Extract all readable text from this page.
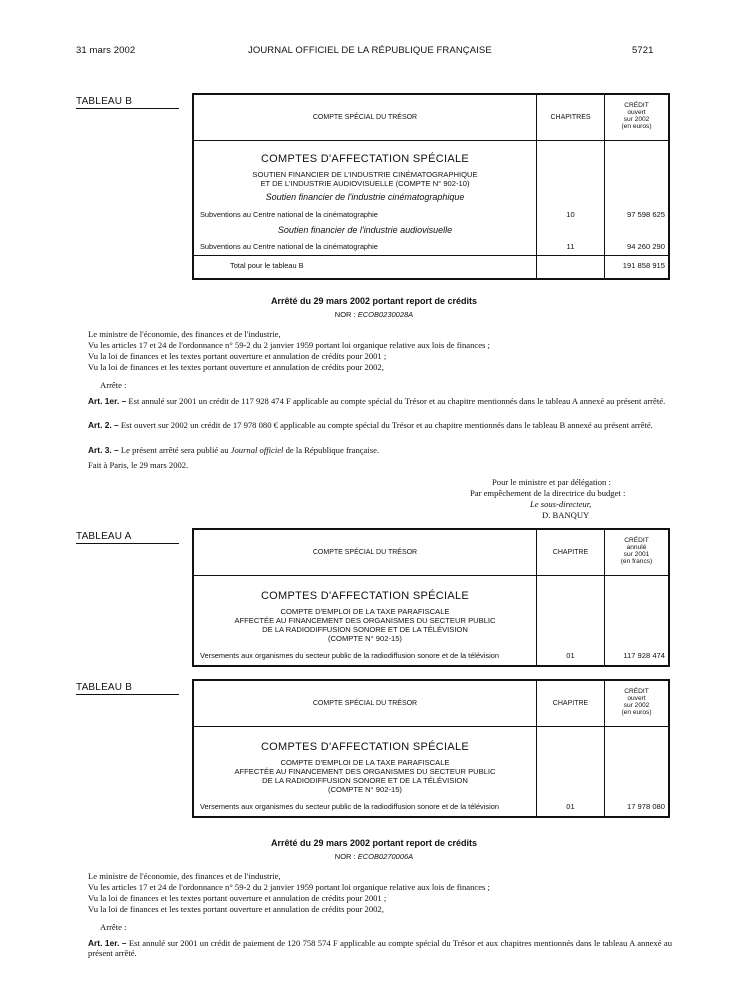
31 mars 2002	JOURNAL OFFICIEL DE LA RÉPUBLIQUE FRANÇAISE	5721
TABLEAU B
COMPTE SPÉCIAL DU TRÉSOR	CHAPITRES
CRÉDIT
ouvert
sur 2002
(en euros)
COMPTES D'AFFECTATION SPÉCIALE
SOUTIEN FINANCIER DE L'INDUSTRIE CINÉMATOGRAPHIQUE
ET DE L'INDUSTRIE AUDIOVISUELLE (COMPTE N° 902-10)
Soutien financier de l'industrie cinématographique
Subventions au Centre national de la cinématographie	10	97 598 625
Soutien financier de l'industrie audiovisuelle
Subventions au Centre national de la cinématographie	11	94 260 290
Total pour le tableau B	191 858 915
Arrêté du 29 mars 2002 portant report de crédits
NOR : ECOB0230028A
Le ministre de l'économie, des finances et de l'industrie,
Vu les articles 17 et 24 de l'ordonnance n° 59-2 du 2 janvier 1959 portant loi organique relative aux lois de finances ;
Vu la loi de finances et les textes portant ouverture et annulation de crédits pour 2001 ;
Vu la loi de finances et les textes portant ouverture et annulation de crédits pour 2002,
Arrête :
Art. 1er. – Est annulé sur 2001 un crédit de 117 928 474 F applicable au compte spécial du Trésor et au chapitre mentionnés dans le tableau A annexé au présent arrêté.
Art. 2. – Est ouvert sur 2002 un crédit de 17 978 080 € applicable au compte spécial du Trésor et au chapitre mentionnés dans le tableau B annexé au présent arrêté.
Art. 3. – Le présent arrêté sera publié au Journal officiel de la République française.
Fait à Paris, le 29 mars 2002.
Pour le ministre et par délégation :
Par empêchement de la directrice du budget :
Le sous-directeur,
D. BANQUY
TABLEAU A
COMPTE SPÉCIAL DU TRÉSOR	CHAPITRE
CRÉDIT
annulé
sur 2001
(en francs)
COMPTES D'AFFECTATION SPÉCIALE
COMPTE D'EMPLOI DE LA TAXE PARAFISCALE
AFFECTÉE AU FINANCEMENT DES ORGANISMES DU SECTEUR PUBLIC
DE LA RADIODIFFUSION SONORE ET DE LA TÉLÉVISION
(COMPTE N° 902-15)
Versements aux organismes du secteur public de la radiodiffusion sonore et de la télévision	01	117 928 474
TABLEAU B
COMPTE SPÉCIAL DU TRÉSOR	CHAPITRE
CRÉDIT
ouvert
sur 2002
(en euros)
COMPTES D'AFFECTATION SPÉCIALE
COMPTE D'EMPLOI DE LA TAXE PARAFISCALE
AFFECTÉE AU FINANCEMENT DES ORGANISMES DU SECTEUR PUBLIC
DE LA RADIODIFFUSION SONORE ET DE LA TÉLÉVISION
(COMPTE N° 902-15)
Versements aux organismes du secteur public de la radiodiffusion sonore et de la télévision	01	17 978 080
Arrêté du 29 mars 2002 portant report de crédits
NOR : ECOB0270006A
Le ministre de l'économie, des finances et de l'industrie,
Vu les articles 17 et 24 de l'ordonnance n° 59-2 du 2 janvier 1959 portant loi organique relative aux lois de finances ;
Vu la loi de finances et les textes portant ouverture et annulation de crédits pour 2001 ;
Vu la loi de finances et les textes portant ouverture et annulation de crédits pour 2002,
Arrête :
Art. 1er. – Est annulé sur 2001 un crédit de paiement de 120 758 574 F applicable au compte spécial du Trésor et aux chapitres mentionnés dans le tableau A annexé au présent arrêté.
